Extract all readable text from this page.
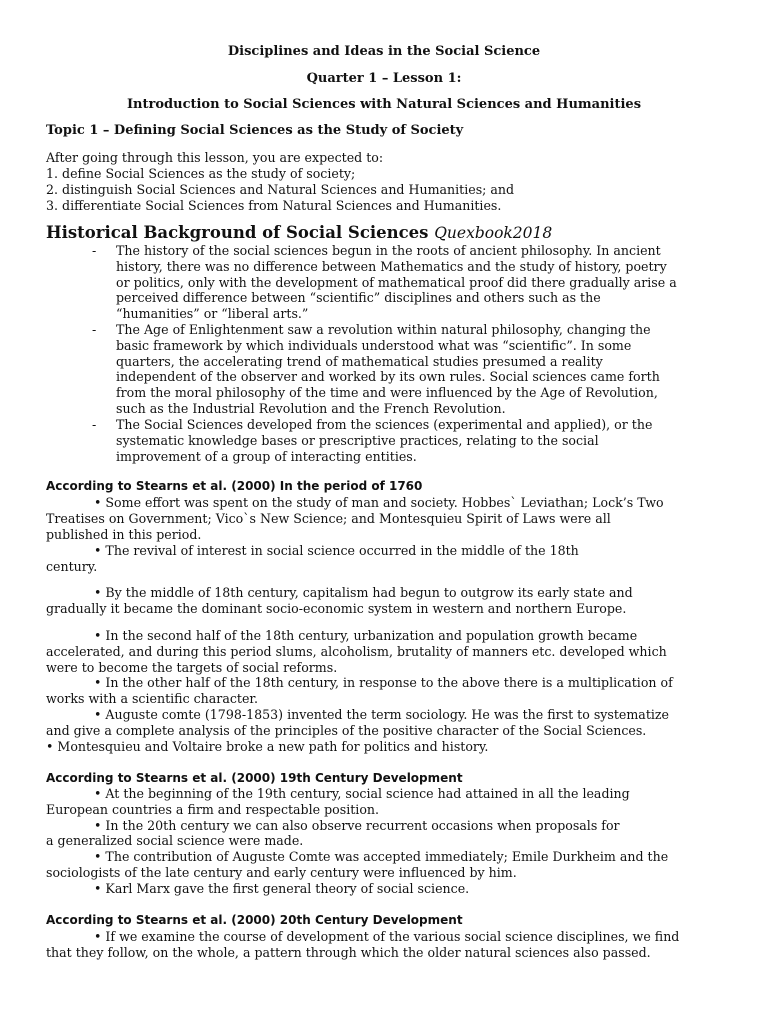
Disciplines and Ideas in the Social Science
Quarter 1 – Lesson 1:
Introduction to Social Sciences with Natural Sciences and Humanities
Topic 1 – Defining Social Sciences as the Study of Society
After going through this lesson, you are expected to:
1. define Social Sciences as the study of society;
2. distinguish Social Sciences and Natural Sciences and Humanities; and
3. differentiate Social Sciences from Natural Sciences and Humanities.
Historical Background of Social Sciences Quexbook2018
- The history of the social sciences begun in the roots of ancient philosophy. In ancient
history, there was no difference between Mathematics and the study of history, poetry
or politics, only with the development of mathematical proof did there gradually arise a
perceived difference between “scientific” disciplines and others such as the
“humanities” or “liberal arts.”
- The Age of Enlightenment saw a revolution within natural philosophy, changing the
basic framework by which individuals understood what was “scientific”. In some
quarters, the accelerating trend of mathematical studies presumed a reality
independent of the observer and worked by its own rules. Social sciences came forth
from the moral philosophy of the time and were influenced by the Age of Revolution,
such as the Industrial Revolution and the French Revolution.
- The Social Sciences developed from the sciences (experimental and applied), or the
systematic knowledge bases or prescriptive practices, relating to the social
improvement of a group of interacting entities.
According to Stearns et al. (2000) In the period of 1760
• Some effort was spent on the study of man and society. Hobbes` Leviathan; Lock’s Two
Treatises on Government; Vico`s New Science; and Montesquieu Spirit of Laws were all
published in this period.
• The revival of interest in social science occurred in the middle of the 18th
century.
• By the middle of 18th century, capitalism had begun to outgrow its early state and
gradually it became the dominant socio-economic system in western and northern Europe.
• In the second half of the 18th century, urbanization and population growth became
accelerated, and during this period slums, alcoholism, brutality of manners etc. developed which
were to become the targets of social reforms.
• In the other half of the 18th century, in response to the above there is a multiplication of
works with a scientific character.
• Auguste comte (1798-1853) invented the term sociology. He was the first to systematize
and give a complete analysis of the principles of the positive character of the Social Sciences.
• Montesquieu and Voltaire broke a new path for politics and history.
According to Stearns et al. (2000) 19th Century Development
• At the beginning of the 19th century, social science had attained in all the leading
European countries a firm and respectable position.
• In the 20th century we can also observe recurrent occasions when proposals for
a generalized social science were made.
• The contribution of Auguste Comte was accepted immediately; Emile Durkheim and the
sociologists of the late century and early century were influenced by him.
• Karl Marx gave the first general theory of social science.
According to Stearns et al. (2000) 20th Century Development
• If we examine the course of development of the various social science disciplines, we find
that they follow, on the whole, a pattern through which the older natural sciences also passed.
